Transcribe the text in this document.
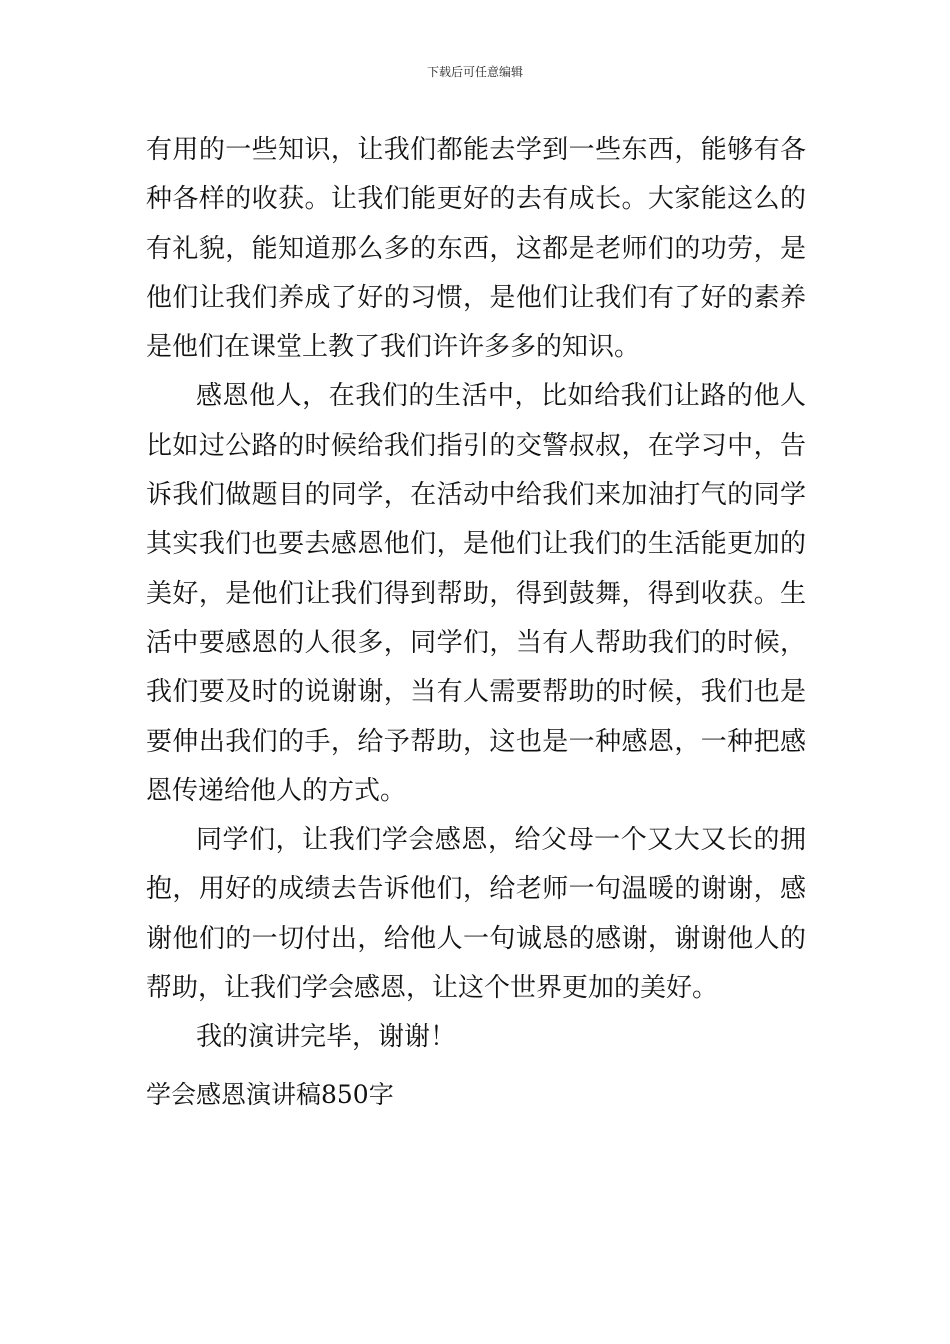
下载后可任意编辑
有用的一些知识，让我们都能去学到一些东西，能够有各
种各样的收获。让我们能更好的去有成长。大家能这么的
有礼貌，能知道那么多的东西，这都是老师们的功劳，是
他们让我们养成了好的习惯，是他们让我们有了好的素养
是他们在课堂上教了我们许许多多的知识。
感恩他人，在我们的生活中，比如给我们让路的他人
比如过公路的时候给我们指引的交警叔叔，在学习中，告
诉我们做题目的同学，在活动中给我们来加油打气的同学
其实我们也要去感恩他们，是他们让我们的生活能更加的
美好，是他们让我们得到帮助，得到鼓舞，得到收获。生
活中要感恩的人很多，同学们，当有人帮助我们的时候，
我们要及时的说谢谢，当有人需要帮助的时候，我们也是
要伸出我们的手，给予帮助，这也是一种感恩，一种把感
恩传递给他人的方式。
同学们，让我们学会感恩，给父母一个又大又长的拥
抱，用好的成绩去告诉他们，给老师一句温暖的谢谢，感
谢他们的一切付出，给他人一句诚恳的感谢，谢谢他人的
帮助，让我们学会感恩，让这个世界更加的美好。
我的演讲完毕，谢谢！
学会感恩演讲稿850字
